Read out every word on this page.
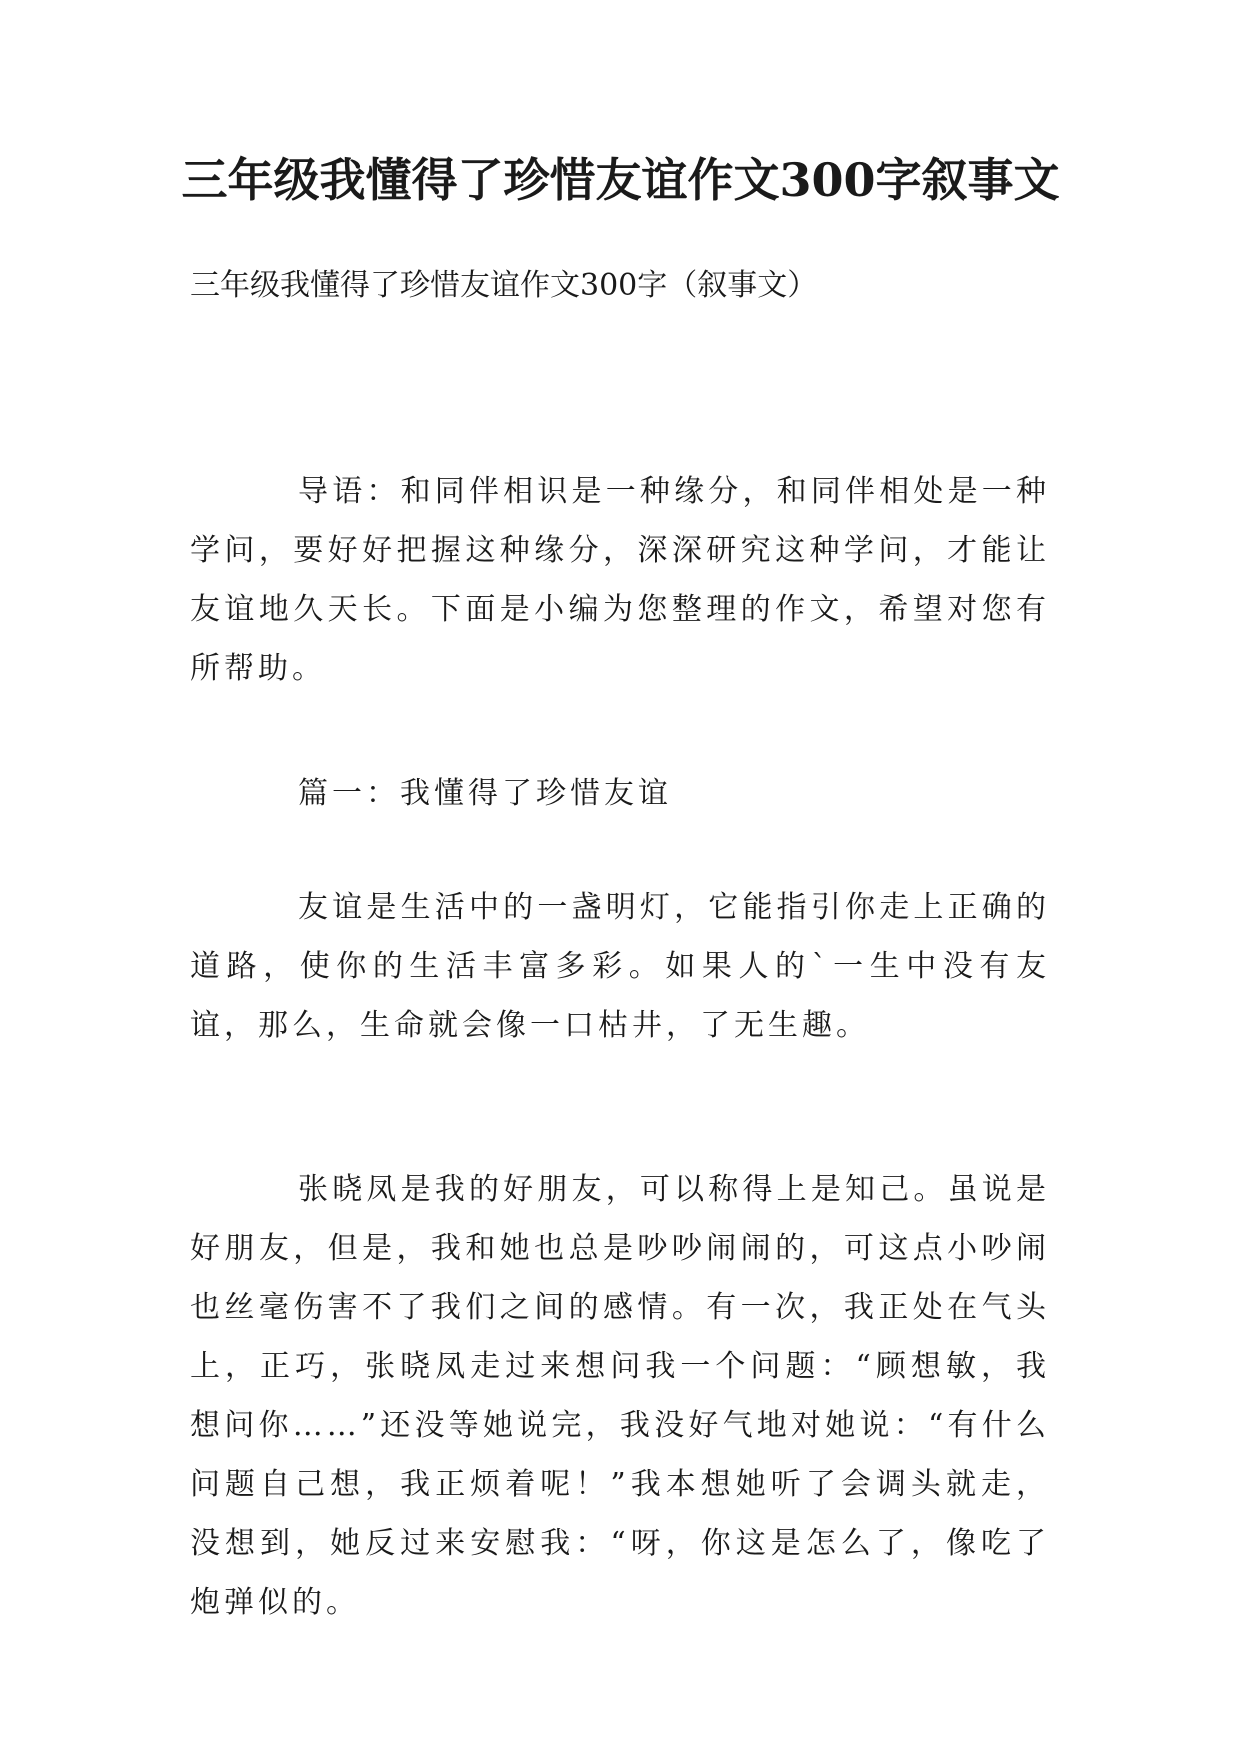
三年级我懂得了珍惜友谊作文300字叙事文

三年级我懂得了珍惜友谊作文300字（叙事文）

导语：和同伴相识是一种缘分，和同伴相处是一种学问，要好好把握这种缘分，深深研究这种学问，才能让友谊地久天长。下面是小编为您整理的作文，希望对您有所帮助。

篇一：我懂得了珍惜友谊

友谊是生活中的一盏明灯，它能指引你走上正确的道路，使你的生活丰富多彩。如果人的`一生中没有友谊，那么，生命就会像一口枯井，了无生趣。

张晓凤是我的好朋友，可以称得上是知己。虽说是好朋友，但是，我和她也总是吵吵闹闹的，可这点小吵闹也丝毫伤害不了我们之间的感情。有一次，我正处在气头上，正巧，张晓凤走过来想问我一个问题：“顾想敏，我想问你……”还没等她说完，我没好气地对她说：“有什么问题自己想，我正烦着呢！”我本想她听了会调头就走，没想到，她反过来安慰我：“呀，你这是怎么了，像吃了炮弹似的。
